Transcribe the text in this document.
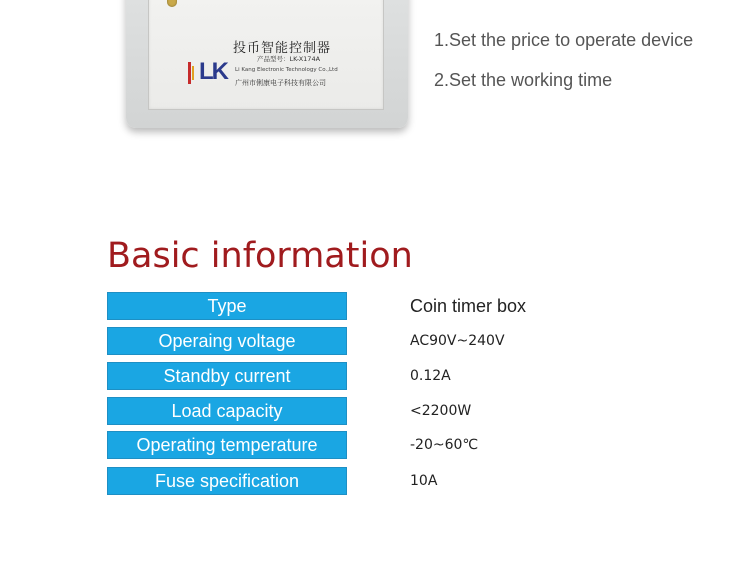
投币智能控制器
产品型号：LK-X174A
LK Li Kang Electronic Technology Co.,Ltd
广州市俐康电子科技有限公司
1.Set the price to operate device
2.Set the working time
Basic information
Type	Coin timer box
Operaing voltage	AC90V~240V
Standby current	0.12A
Load capacity	<2200W
Operating temperature	-20~60℃
Fuse specification	10A
